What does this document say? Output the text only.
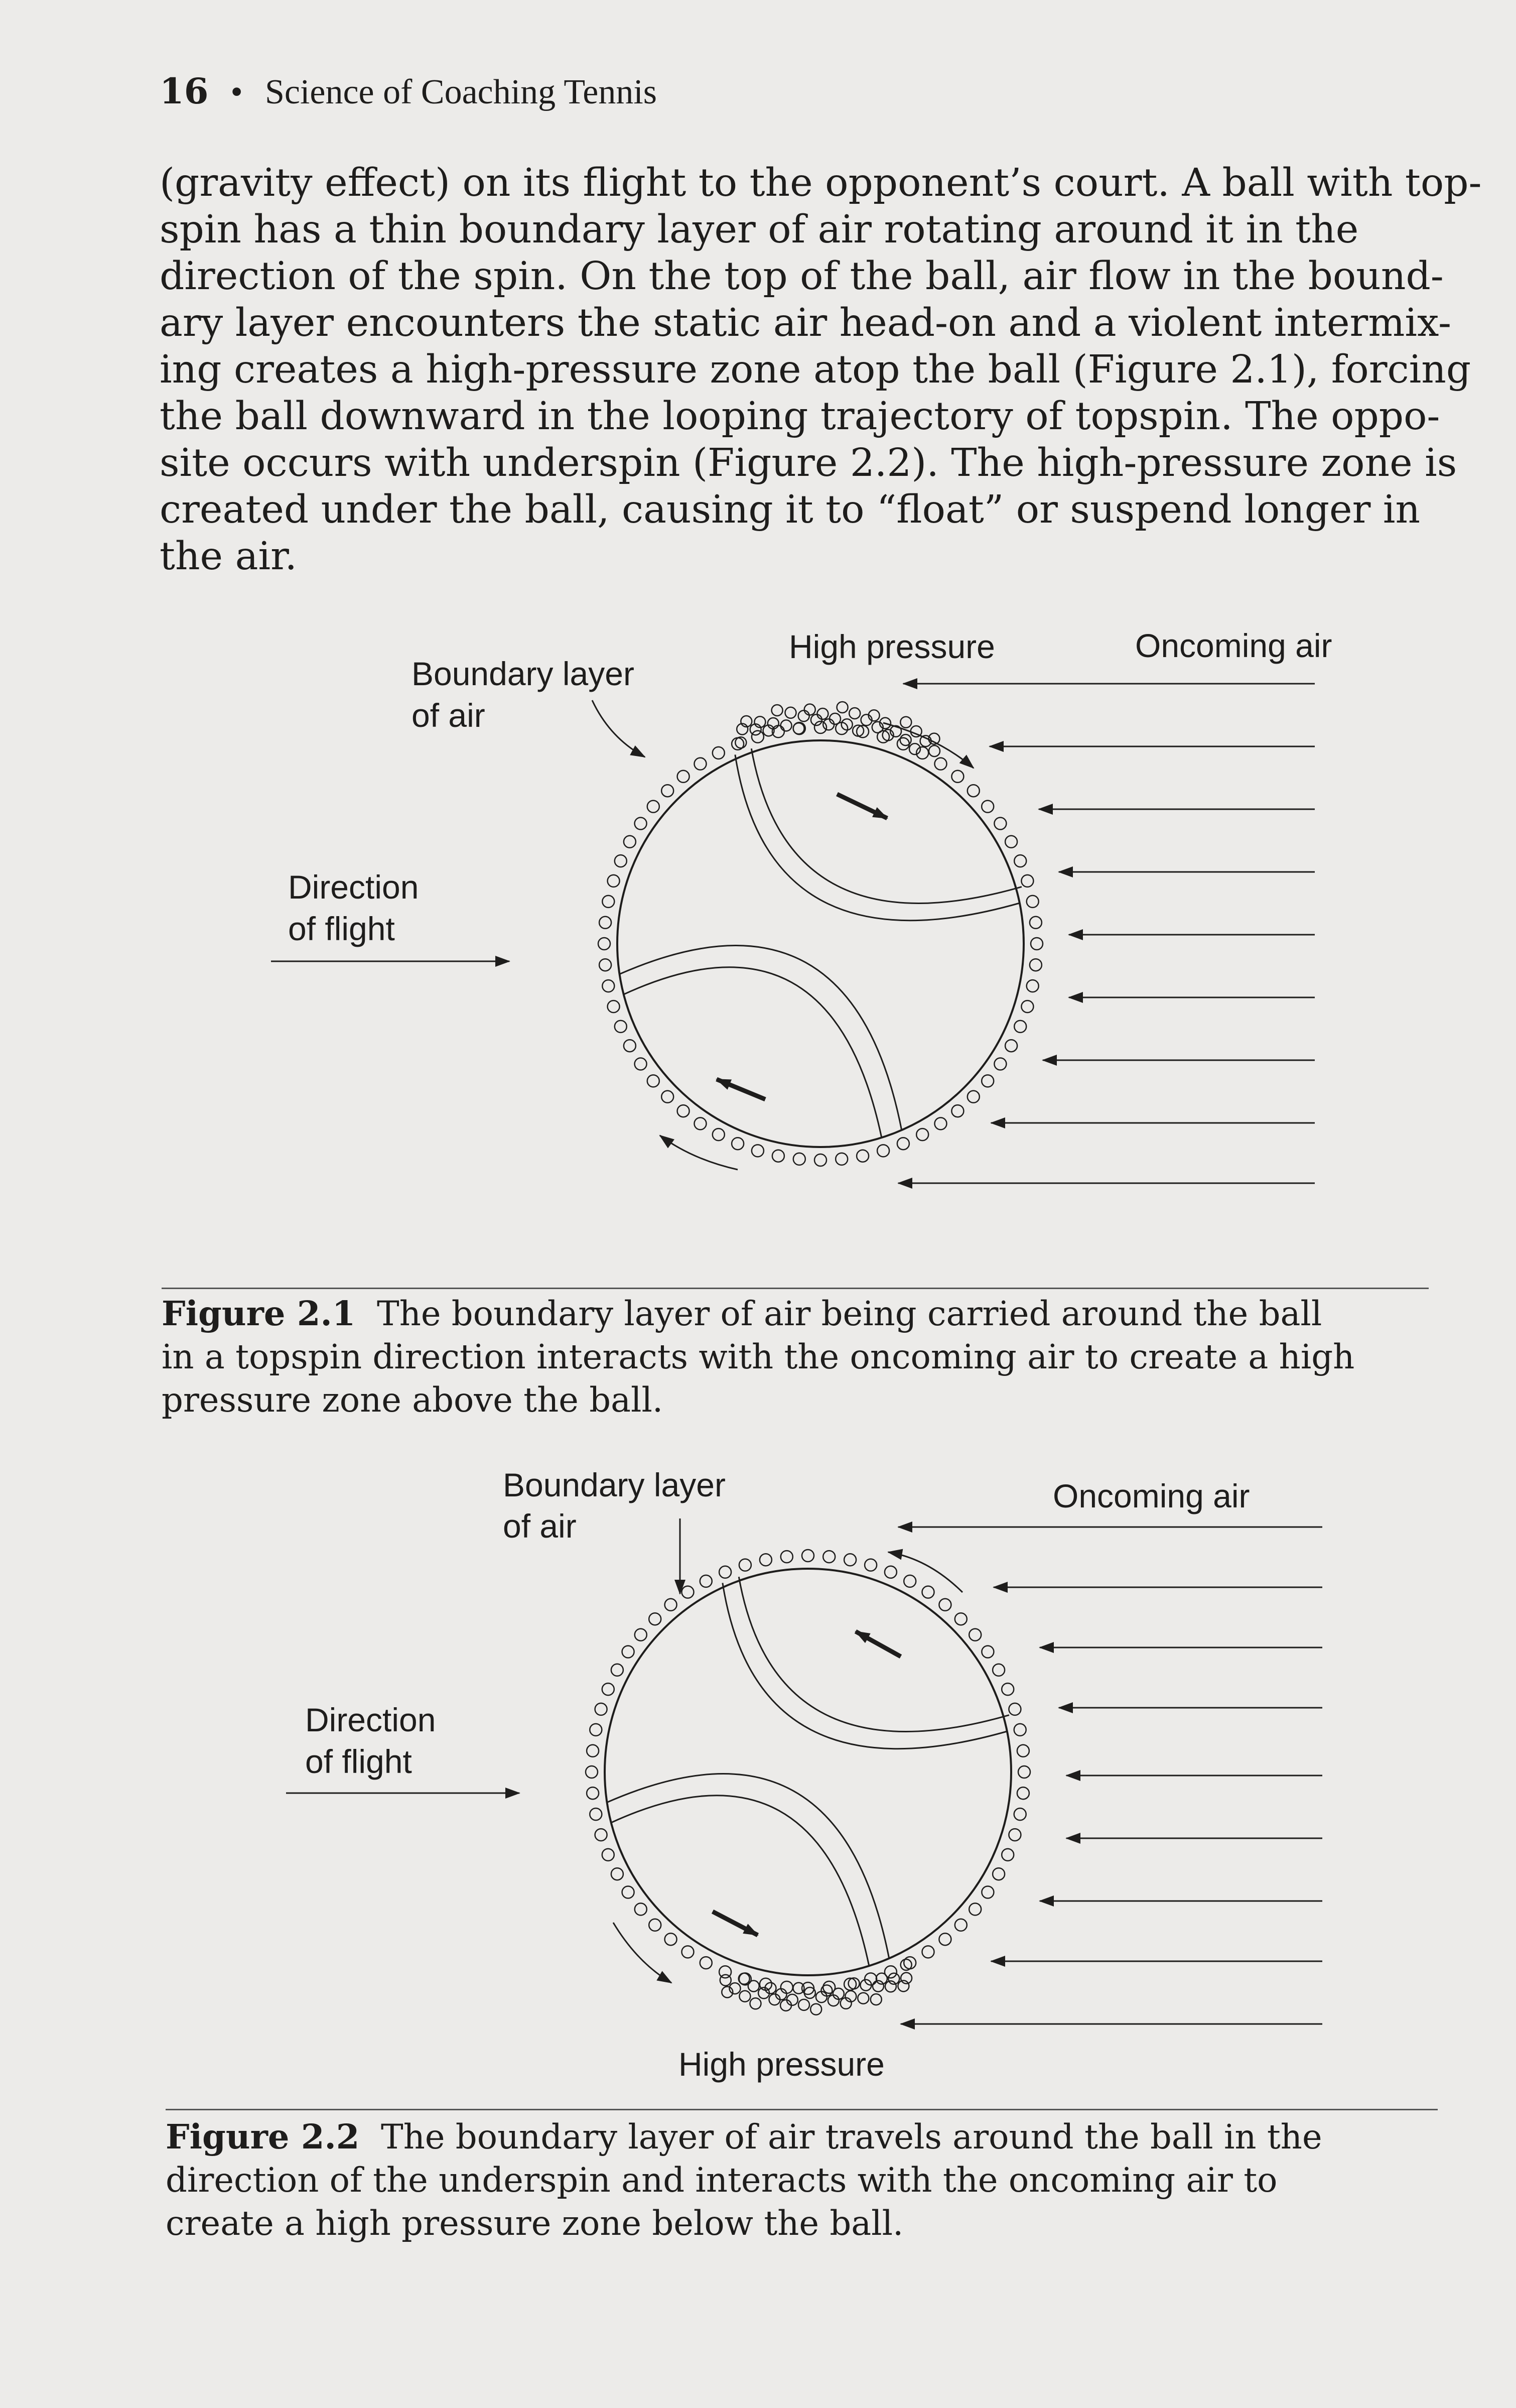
16 • Science of Coaching Tennis
(gravity effect) on its flight to the opponent’s court. A ball with top-
spin has a thin boundary layer of air rotating around it in the
direction of the spin. On the top of the ball, air flow in the bound-
ary layer encounters the static air head-on and a violent intermix-
ing creates a high-pressure zone atop the ball (Figure 2.1), forcing
the ball downward in the looping trajectory of topspin. The oppo-
site occurs with underspin (Figure 2.2). The high-pressure zone is
created under the ball, causing it to “float” or suspend longer in
the air.
Boundary layer
of air
High pressure	Oncoming air
Direction
of flight
Figure 2.1 The boundary layer of air being carried around the ball
in a topspin direction interacts with the oncoming air to create a high
pressure zone above the ball.
Boundary layer
of air
Oncoming air
Direction
of flight
High pressure
Figure 2.2 The boundary layer of air travels around the ball in the
direction of the underspin and interacts with the oncoming air to
create a high pressure zone below the ball.
